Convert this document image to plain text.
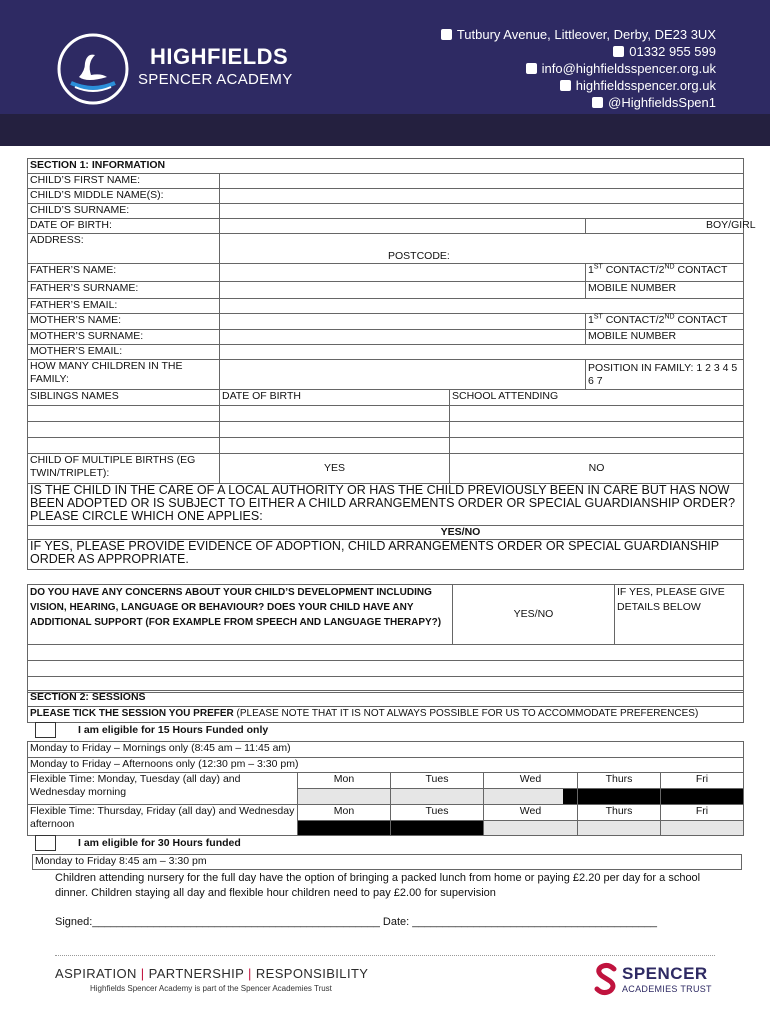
HIGHFIELDS
SPENCER ACADEMY
Tutbury Avenue, Littleover, Derby, DE23 3UX
01332 955 599
info@highfieldsspencer.org.uk
highfieldsspencer.org.uk
@HighfieldsSpen1
SECTION 1: INFORMATION			
CHILD’S FIRST NAME:			
CHILD’S MIDDLE NAME(S):			
CHILD’S SURNAME:			
DATE OF BIRTH:			BOY/GIRL
ADDRESS:	POSTCODE:		

FATHER’S NAME:			1ST CONTACT/2ND CONTACT
FATHER’S SURNAME:			MOBILE NUMBER
FATHER’S EMAIL:			
MOTHER’S NAME:			1ST CONTACT/2ND CONTACT
MOTHER’S SURNAME:			MOBILE NUMBER
MOTHER’S EMAIL:			
HOW MANY CHILDREN IN THE FAMILY:			POSITION IN FAMILY: 1 2 3 4 5 6 7
SIBLINGS NAMES	DATE OF BIRTH	SCHOOL ATTENDING	

CHILD OF MULTIPLE BIRTHS (EG TWIN/TRIPLET):	YES	NO	
IS THE CHILD IN THE CARE OF A LOCAL AUTHORITY OR HAS THE CHILD PREVIOUSLY BEEN IN CARE BUT HAS NOW BEEN ADOPTED OR IS SUBJECT TO EITHER A CHILD ARRANGEMENTS ORDER OR SPECIAL GUARDIANSHIP ORDER? PLEASE CIRCLE WHICH ONE APPLIES:			
YES/NO			
IF YES, PLEASE PROVIDE EVIDENCE OF ADOPTION, CHILD ARRANGEMENTS ORDER OR SPECIAL GUARDIANSHIP ORDER AS APPROPRIATE.			
DO YOU HAVE ANY CONCERNS ABOUT YOUR CHILD’S DEVELOPMENT INCLUDING VISION, HEARING, LANGUAGE OR BEHAVIOUR? DOES YOUR CHILD HAVE ANY ADDITIONAL SUPPORT (FOR EXAMPLE FROM SPEECH AND LANGUAGE THERAPY?)	YES/NO	IF YES, PLEASE GIVE DETAILS BELOW

SECTION 2: SESSIONS
PLEASE TICK THE SESSION YOU PREFER (PLEASE NOTE THAT IT IS NOT ALWAYS POSSIBLE FOR US TO ACCOMMODATE PREFERENCES)
I am eligible for 15 Hours Funded only
Monday to Friday – Mornings only (8:45 am – 11:45 am)					
Monday to Friday – Afternoons only (12:30 pm – 3:30 pm)					
Flexible Time: Monday, Tuesday (all day) and Wednesday morning	Mon	Tues	Wed	Thurs	Fri

Flexible Time: Thursday, Friday (all day) and Wednesday afternoon	Mon	Tues	Wed	Thurs	Fri

I am eligible for 30 Hours funded
Monday to Friday 8:45 am – 3:30 pm
Children attending nursery for the full day have the option of bringing a packed lunch from home or paying £2.20 per day for a school dinner. Children staying all day and flexible hour children need to pay £2.00 for supervision
Signed:_______________________________________________ Date: ________________________________________
ASPIRATION | PARTNERSHIP | RESPONSIBILITY
Highfields Spencer Academy is part of the Spencer Academies Trust
SPENCER
ACADEMIES TRUST
